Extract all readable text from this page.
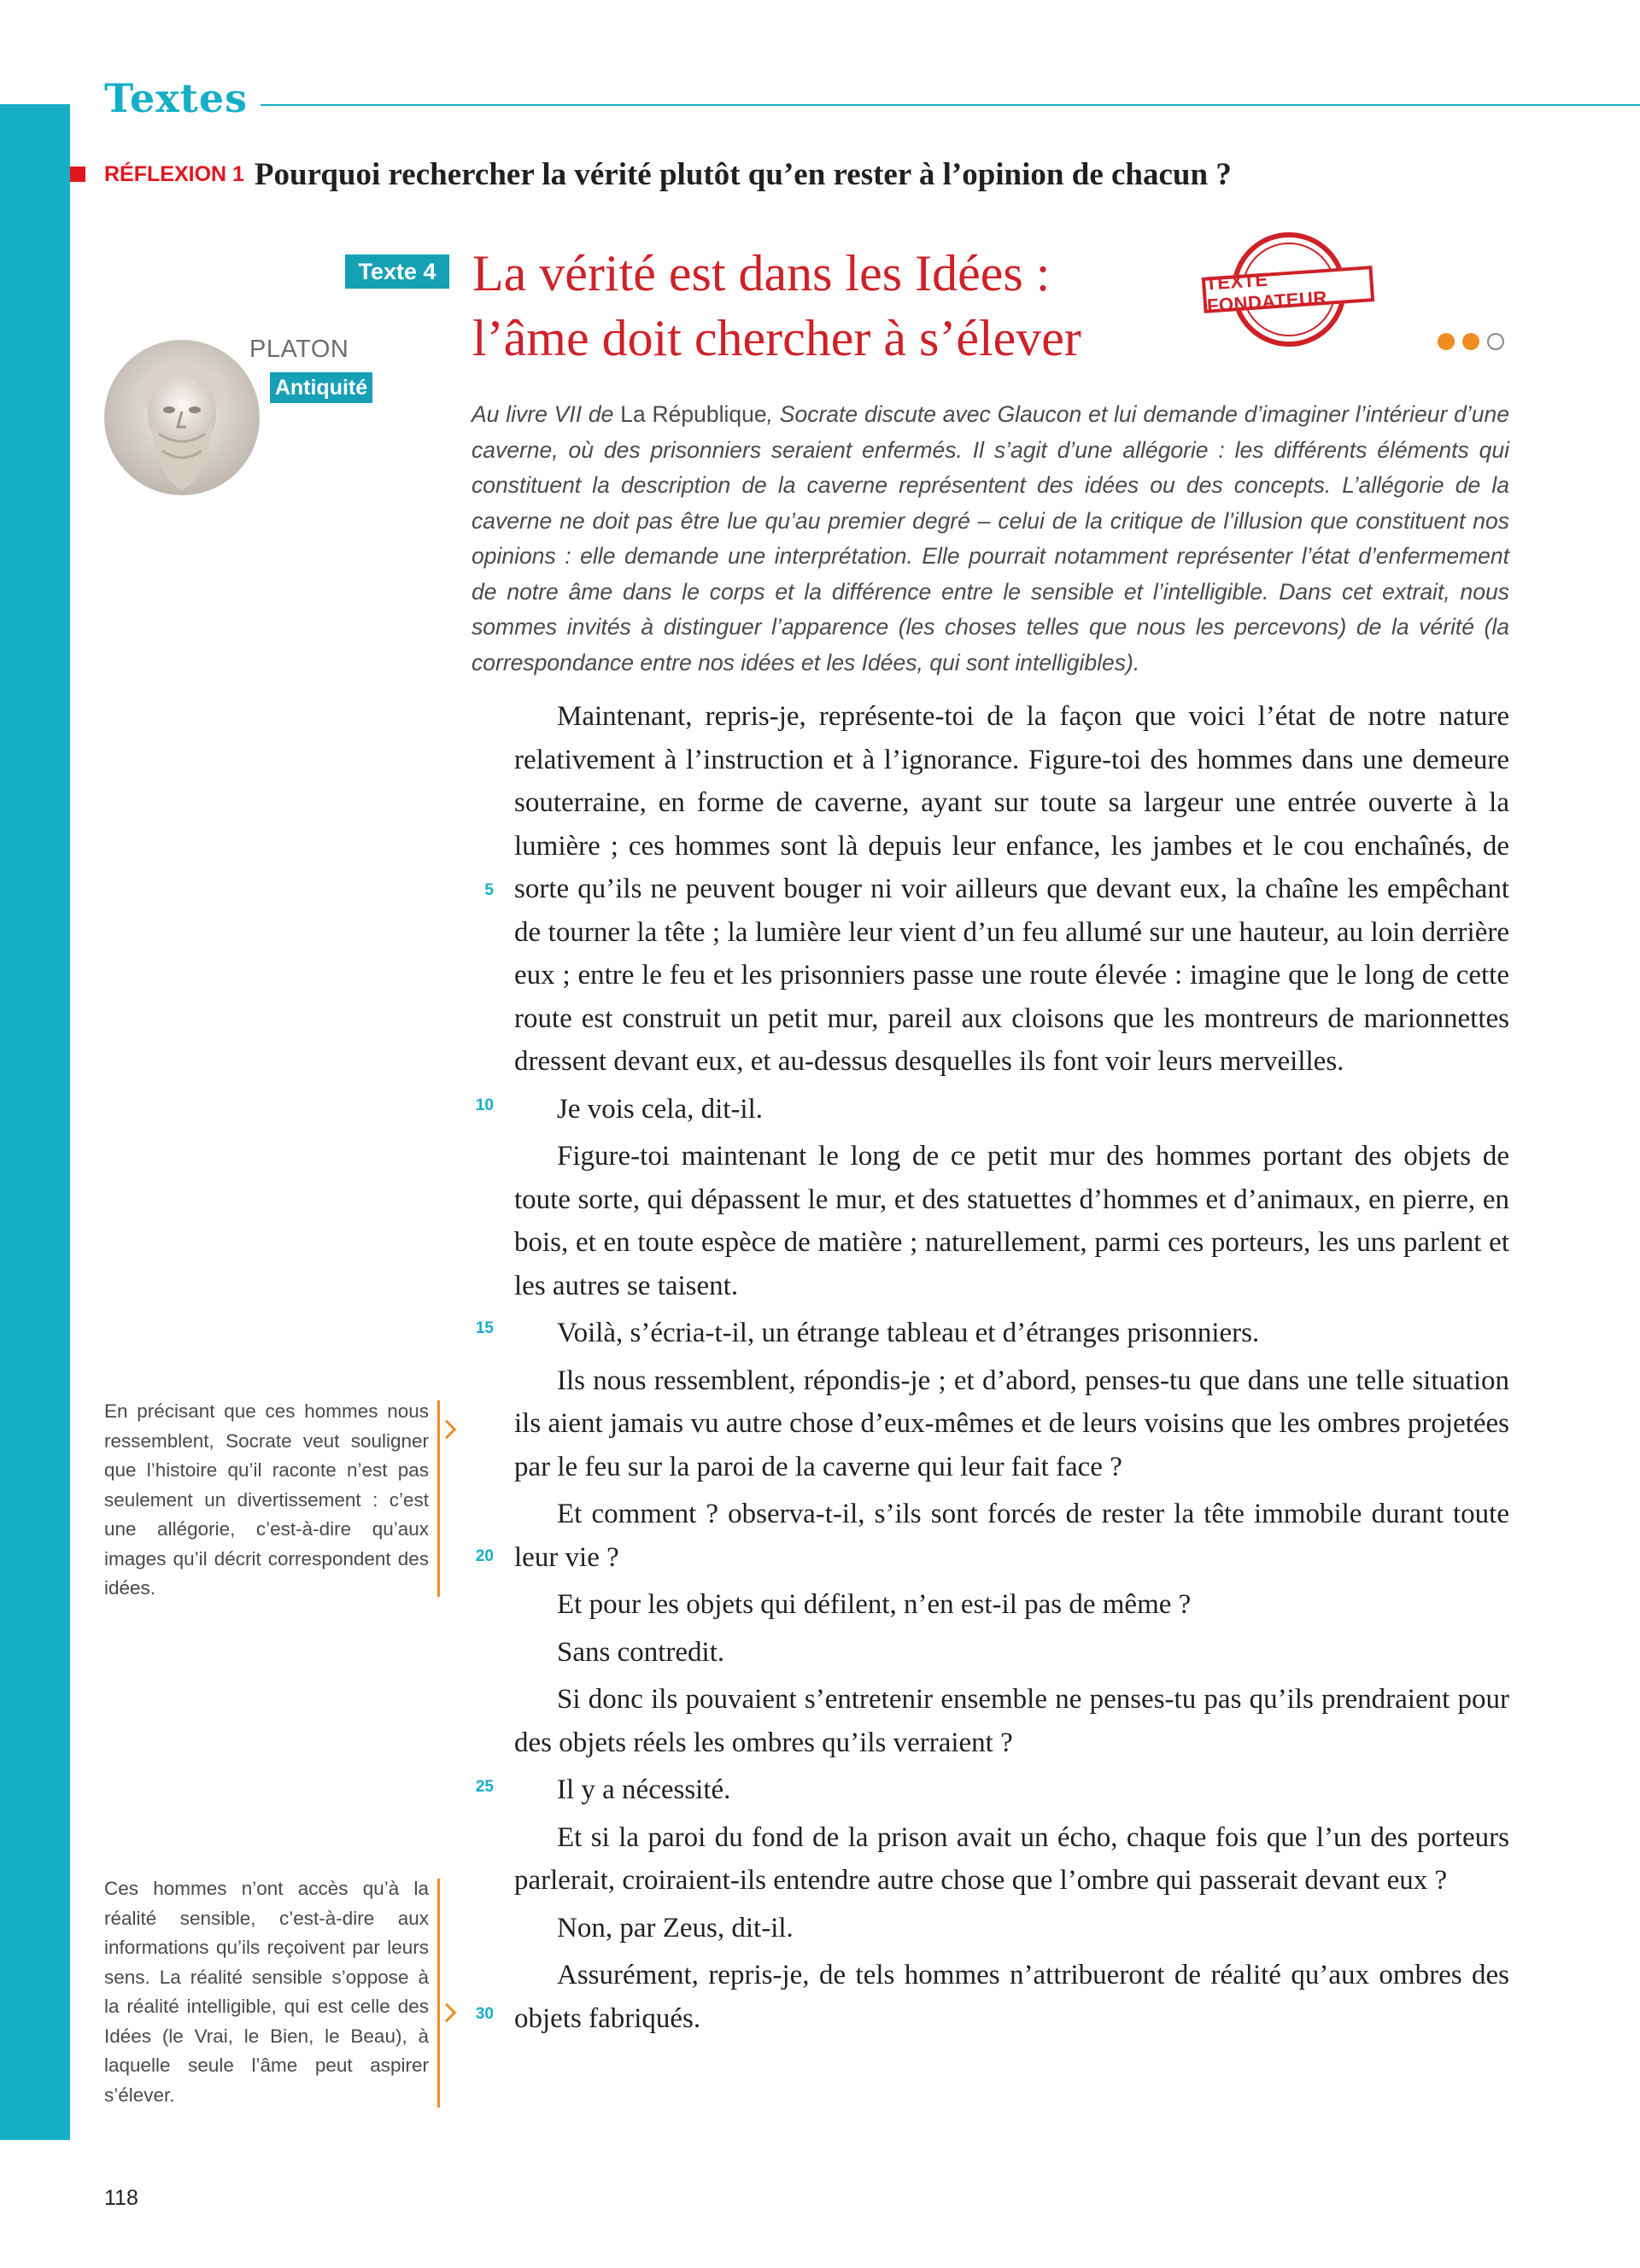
Textes
RÉFLEXION 1 Pourquoi rechercher la vérité plutôt qu’en rester à l’opinion de chacun ?
Texte 4 La vérité est dans les Idées :
l’âme doit chercher à s’élever
TEXTE FONDATEUR
PLATON
Antiquité
Au livre VII de La République, Socrate discute avec Glaucon et lui demande d’imaginer l’intérieur d’une caverne, où des prisonniers seraient enfermés. Il s’agit d’une allégorie : les différents éléments qui constituent la description de la caverne représentent des idées ou des concepts. L’allégorie de la caverne ne doit pas être lue qu’au premier degré – celui de la critique de l’illusion que constituent nos opinions : elle demande une interprétation. Elle pourrait notamment représenter l’état d’enfermement de notre âme dans le corps et la différence entre le sensible et l’intelligible. Dans cet extrait, nous sommes invités à distinguer l’apparence (les choses telles que nous les percevons) de la vérité (la correspondance entre nos idées et les Idées, qui sont intelligibles).

Maintenant, repris-je, représente-toi de la façon que voici l’état de notre nature relativement à l’instruction et à l’ignorance. Figure-toi des hommes dans une demeure souterraine, en forme de caverne, ayant sur toute sa largeur une entrée ouverte à la lumière ; ces hommes sont là depuis leur enfance, les jambes et le cou enchaînés, de sorte qu’ils ne peuvent bouger ni voir ailleurs que devant eux, la chaîne les empêchant de tourner la tête ; la lumière leur vient d’un feu allumé sur une hauteur, au loin derrière eux ; entre le feu et les prisonniers passe une route élevée : imagine que le long de cette route est construit un petit mur, pareil aux cloisons que les montreurs de marionnettes dressent devant eux, et au-dessus desquelles ils font voir leurs merveilles.

Je vois cela, dit-il.

Figure-toi maintenant le long de ce petit mur des hommes portant des objets de toute sorte, qui dépassent le mur, et des statuettes d’hommes et d’animaux, en pierre, en bois, et en toute espèce de matière ; naturellement, parmi ces porteurs, les uns parlent et les autres se taisent.

Voilà, s’écria-t-il, un étrange tableau et d’étranges prisonniers.

Ils nous ressemblent, répondis-je ; et d’abord, penses-tu que dans une telle situation ils aient jamais vu autre chose d’eux-mêmes et de leurs voisins que les ombres projetées par le feu sur la paroi de la caverne qui leur fait face ?

Et comment ? observa-t-il, s’ils sont forcés de rester la tête immobile durant toute leur vie ?

Et pour les objets qui défilent, n’en est-il pas de même ?

Sans contredit.

Si donc ils pouvaient s’entretenir ensemble ne penses-tu pas qu’ils prendraient pour des objets réels les ombres qu’ils verraient ?

Il y a nécessité.

Et si la paroi du fond de la prison avait un écho, chaque fois que l’un des porteurs parlerait, croiraient-ils entendre autre chose que l’ombre qui passerait devant eux ?

Non, par Zeus, dit-il.

Assurément, repris-je, de tels hommes n’attribueront de réalité qu’aux ombres des objets fabriqués.

5
10
15
20
25
30
En précisant que ces hommes nous ressemblent, Socrate veut souligner que l’histoire qu’il raconte n’est pas seulement un divertissement : c’est une allégorie, c’est-à-dire qu’aux images qu’il décrit correspondent des idées.
Ces hommes n’ont accès qu’à la réalité sensible, c’est-à-dire aux informations qu’ils reçoivent par leurs sens. La réalité sensible s’oppose à la réalité intelligible, qui est celle des Idées (le Vrai, le Bien, le Beau), à laquelle seule l’âme peut aspirer s’élever.
118
